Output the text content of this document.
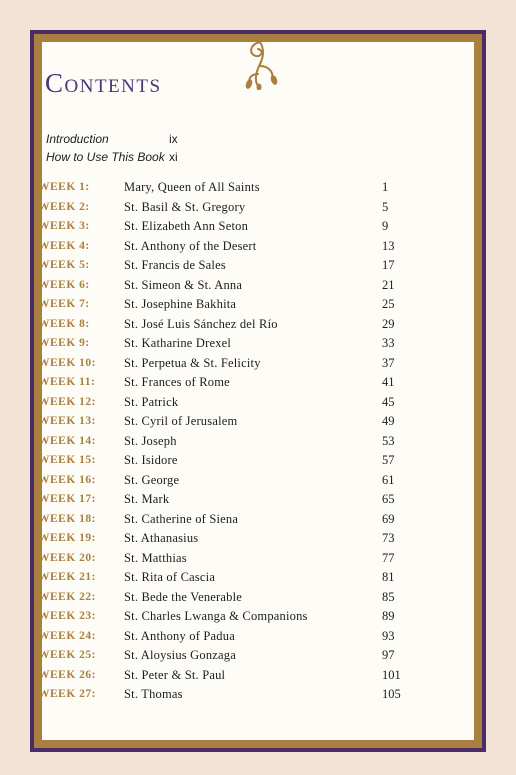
Contents
Introduction	ix
How to Use This Book xi
WEEK 1:	Mary, Queen of All Saints	1
WEEK 2:	St. Basil & St. Gregory	5
WEEK 3:	St. Elizabeth Ann Seton	9
WEEK 4:	St. Anthony of the Desert	13
WEEK 5:	St. Francis de Sales	17
WEEK 6:	St. Simeon & St. Anna	21
WEEK 7:	St. Josephine Bakhita	25
WEEK 8:	St. José Luis Sánchez del Río	29
WEEK 9:	St. Katharine Drexel	33
WEEK 10: St. Perpetua & St. Felicity	37
WEEK 11: St. Frances of Rome	41
WEEK 12: St. Patrick	45
WEEK 13: St. Cyril of Jerusalem	49
WEEK 14: St. Joseph	53
WEEK 15: St. Isidore	57
WEEK 16: St. George	61
WEEK 17: St. Mark	65
WEEK 18: St. Catherine of Siena	69
WEEK 19: St. Athanasius	73
WEEK 20: St. Matthias	77
WEEK 21: St. Rita of Cascia	81
WEEK 22: St. Bede the Venerable	85
WEEK 23: St. Charles Lwanga & Companions	89
WEEK 24: St. Anthony of Padua	93
WEEK 25: St. Aloysius Gonzaga	97
WEEK 26: St. Peter & St. Paul	101
WEEK 27: St. Thomas	105
